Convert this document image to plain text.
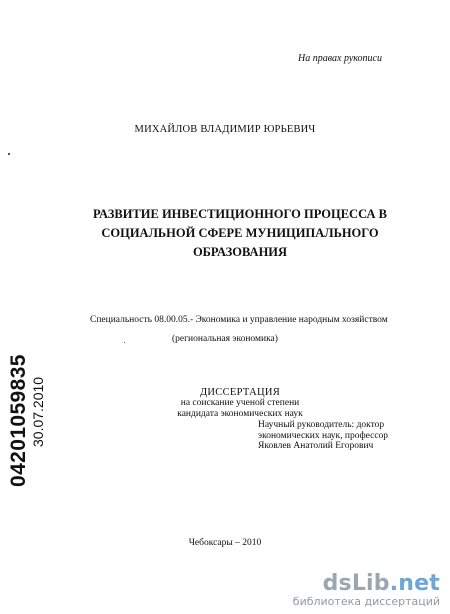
На правах рукописи
МИХАЙЛОВ ВЛАДИМИР ЮРЬЕВИЧ
РАЗВИТИЕ ИНВЕСТИЦИОННОГО ПРОЦЕССА В
СОЦИАЛЬНОЙ СФЕРЕ МУНИЦИПАЛЬНОГО
ОБРАЗОВАНИЯ
Специальность 08.00.05.- Экономика и управление народным хозяйством
(региональная экономика)
ДИССЕРТАЦИЯ
на соискание ученой степени
кандидата экономических наук
Научный руководитель: доктор
экономических наук, профессор
Яковлев Анатолий Егорович
Чебоксары – 2010
04201059835 30.07.2010
dsLib.net
библиотека диссертаций
